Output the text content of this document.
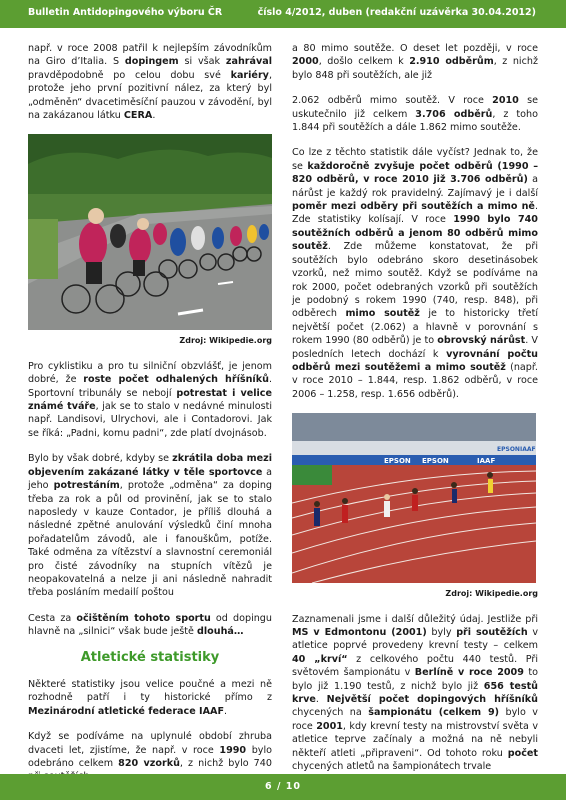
Bulletin Antidopingového výboru ČR	číslo 4/2012, duben (redakční uzávěrka 30.04.2012)

např. v roce 2008 patřil k nejlepším závodníkům na Giro d’Italia. S dopingem si však zahrával pravděpodobně po celou dobu své kariéry, protože jeho první pozitivní nález, za který byl „odměněn“ dvacetiměsíční pauzou v závodění, byl na zakázanou látku CERA.

Zdroj: Wikipedie.org

Pro cyklistiku a pro tu silniční obzvlášť, je jenom dobré, že roste počet odhalených hříšníků. Sportovní tribunály se nebojí potrestat i velice známé tváře, jak se to stalo v nedávné minulosti např. Landisovi, Ulrychovi, ale i Contadorovi. Jak se říká: „Padni, komu padni“, zde platí dvojnásob.

Bylo by však dobré, kdyby se zkrátila doba mezi objevením zakázané látky v těle sportovce a jeho potrestáním, protože „odměna“ za doping třeba za rok a půl od provinění, jak se to stalo naposledy v kauze Contador, je příliš dlouhá a následné zpětné anulování výsledků činí mnoha pořadatelům závodů, ale i fanouškům, potíže. Také odměna za vítězství a slavnostní ceremoniál pro čisté závodníky na stupních vítězů je neopakovatelná a nelze ji ani následně nahradit třeba posláním medailí poštou

Cesta za očištěním tohoto sportu od dopingu hlavně na „silnici“ však bude ještě dlouhá…

Atletické statistiky

Některé statistiky jsou velice poučné a mezi ně rozhodně patří i ty historické přímo z Mezinárodní atletické federace IAAF.

Když se podíváme na uplynulé období zhruba dvaceti let, zjistíme, že např. v roce 1990 bylo odebráno celkem 820 vzorků, z nichž bylo 740

a 80 mimo soutěže. O deset let později, v roce 2000, došlo celkem k 2.910 odběrům, z nichž bylo 848 při soutěžích, ale již

2.062 odběrů mimo soutěž. V roce 2010 se uskutečnilo již celkem 3.706 odběrů, z toho 1.844 při soutěžích a dále 1.862 mimo soutěže.

Co lze z těchto statistik dále vyčíst? Jednak to, že se každoročně zvyšuje počet odběrů (1990 – 820 odběrů, v roce 2010 již 3.706 odběrů) a nárůst je každý rok pravidelný. Zajímavý je i další poměr mezi odběry při soutěžích a mimo ně. Zde statistiky kolísají. V roce 1990 bylo 740 soutěžních odběrů a jenom 80 odběrů mimo soutěž. Zde můžeme konstatovat, že při soutěžích bylo odebráno skoro desetinásobek vzorků, než mimo soutěž. Když se podíváme na rok 2000, počet odebraných vzorků při soutěžích je podobný s rokem 1990 (740, resp. 848), při odběrech mimo soutěž je to historicky třetí největší počet (2.062) a hlavně v porovnání s rokem 1990 (80 odběrů) je to obrovský nárůst. V posledních letech dochází k vyrovnání počtu odběrů mezi soutěžemi a mimo soutěž (např. v roce 2010 – 1.844, resp. 1.862 odběrů, v roce 2006 – 1.258, resp. 1.656 odběrů).

EPSON EPSON	IAAF
EPSON IAAF
Zdroj: Wikipedie.org

Zaznamenali jsme i další důležitý údaj. Jestliže při MS v Edmontonu (2001) byly při soutěžích v atletice poprvé provedeny krevní testy – celkem 40 „krví“ z celkového počtu 440 testů. Při světovém šampionátu v Berlíně v roce 2009 to bylo již 1.190 testů, z nichž bylo již 656 testů krve. Největší počet dopingových hříšníků chycených na šampionátu (celkem 9) bylo v roce 2001, kdy krevní testy na mistrovství světa v atletice teprve začínaly a možná na ně nebyli někteří atleti „připraveni“. Od tohoto roku počet chycených atletů na šampionátech trvale

6 / 10
